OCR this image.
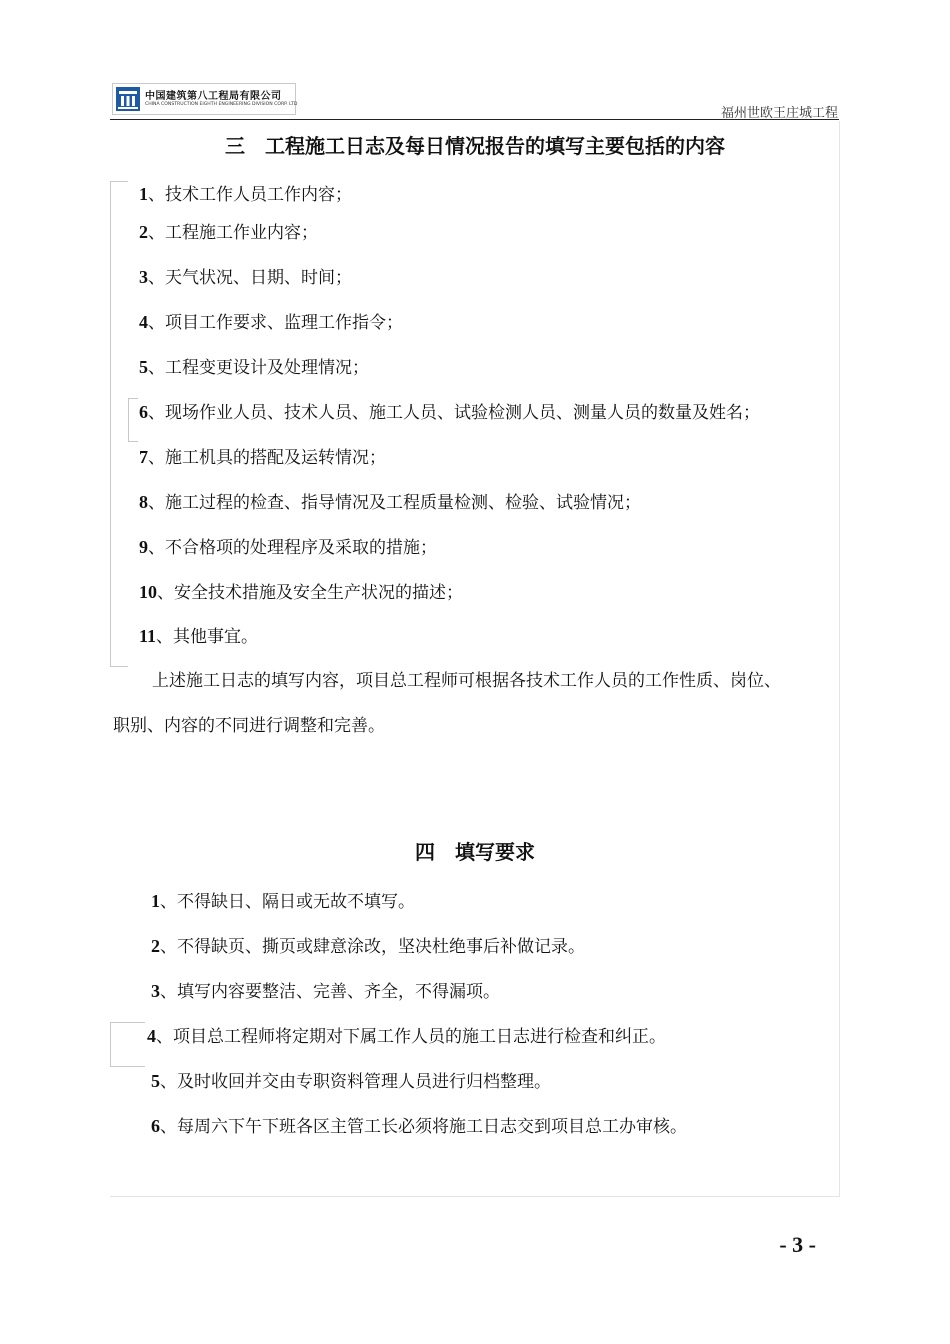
中国建筑第八工程局有限公司
CHINA CONSTRUCTION EIGHTH ENGINEERING DIVISION CORP. LTD
福州世欧王庄城工程
三　工程施工日志及每日情况报告的填写主要包括的内容
1、技术工作人员工作内容；
2、工程施工作业内容；
3、天气状况、日期、时间；
4、项目工作要求、监理工作指令；
5、工程变更设计及处理情况；
6、现场作业人员、技术人员、施工人员、试验检测人员、测量人员的数量及姓名；
7、施工机具的搭配及运转情况；
8、施工过程的检查、指导情况及工程质量检测、检验、试验情况；
9、不合格项的处理程序及采取的措施；
10、安全技术措施及安全生产状况的描述；
11、其他事宜。
上述施工日志的填写内容，项目总工程师可根据各技术工作人员的工作性质、岗位、
职别、内容的不同进行调整和完善。
四　填写要求
1、不得缺日、隔日或无故不填写。
2、不得缺页、撕页或肆意涂改，坚决杜绝事后补做记录。
3、填写内容要整洁、完善、齐全，不得漏项。
4、项目总工程师将定期对下属工作人员的施工日志进行检查和纠正。
5、及时收回并交由专职资料管理人员进行归档整理。
6、每周六下午下班各区主管工长必须将施工日志交到项目总工办审核。
- 3 -
